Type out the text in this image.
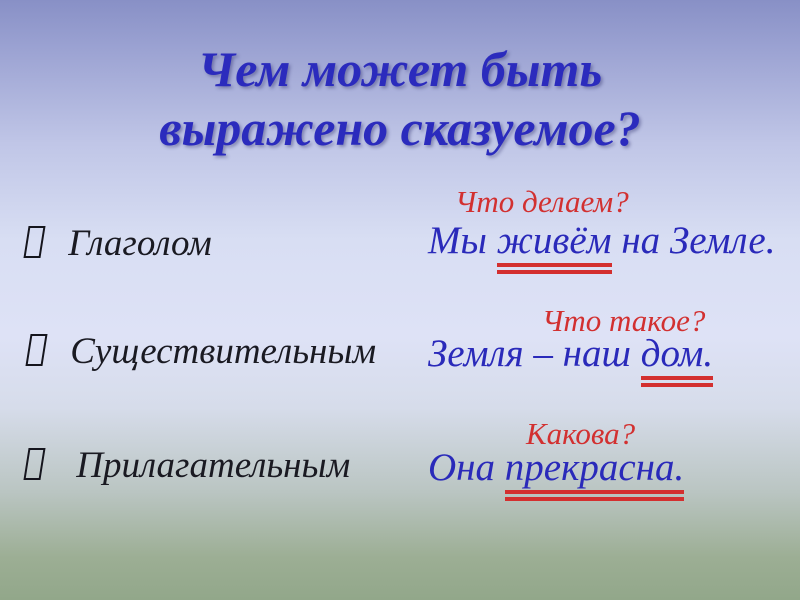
Чем может быть
выражено сказуемое?
Глаголом
Существительным
Прилагательным
Что делаем?
Мы живём на Земле.
Что такое?
Земля – наш дом.
Какова?
Она прекрасна.
